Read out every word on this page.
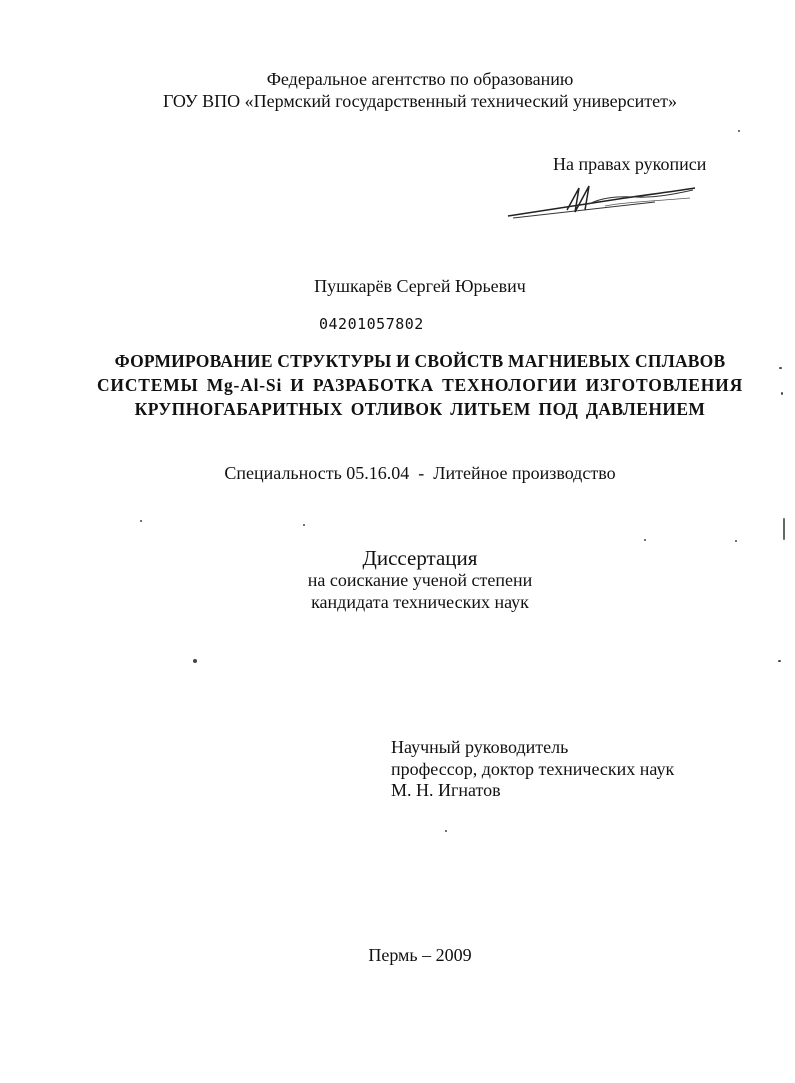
Федеральное агентство по образованию
ГОУ ВПО «Пермский государственный технический университет»
На правах рукописи
Пушкарёв Сергей Юрьевич
04201057802
ФОРМИРОВАНИЕ СТРУКТУРЫ И СВОЙСТВ МАГНИЕВЫХ СПЛАВОВ
СИСТЕМЫ Mg-Al-Si И РАЗРАБОТКА ТЕХНОЛОГИИ ИЗГОТОВЛЕНИЯ
КРУПНОГАБАРИТНЫХ ОТЛИВОК ЛИТЬЕМ ПОД ДАВЛЕНИЕМ
Специальность 05.16.04  -  Литейное производство
Диссертация
на соискание ученой степени
кандидата технических наук
Научный руководитель
профессор, доктор технических наук
М. Н. Игнатов
Пермь – 2009
